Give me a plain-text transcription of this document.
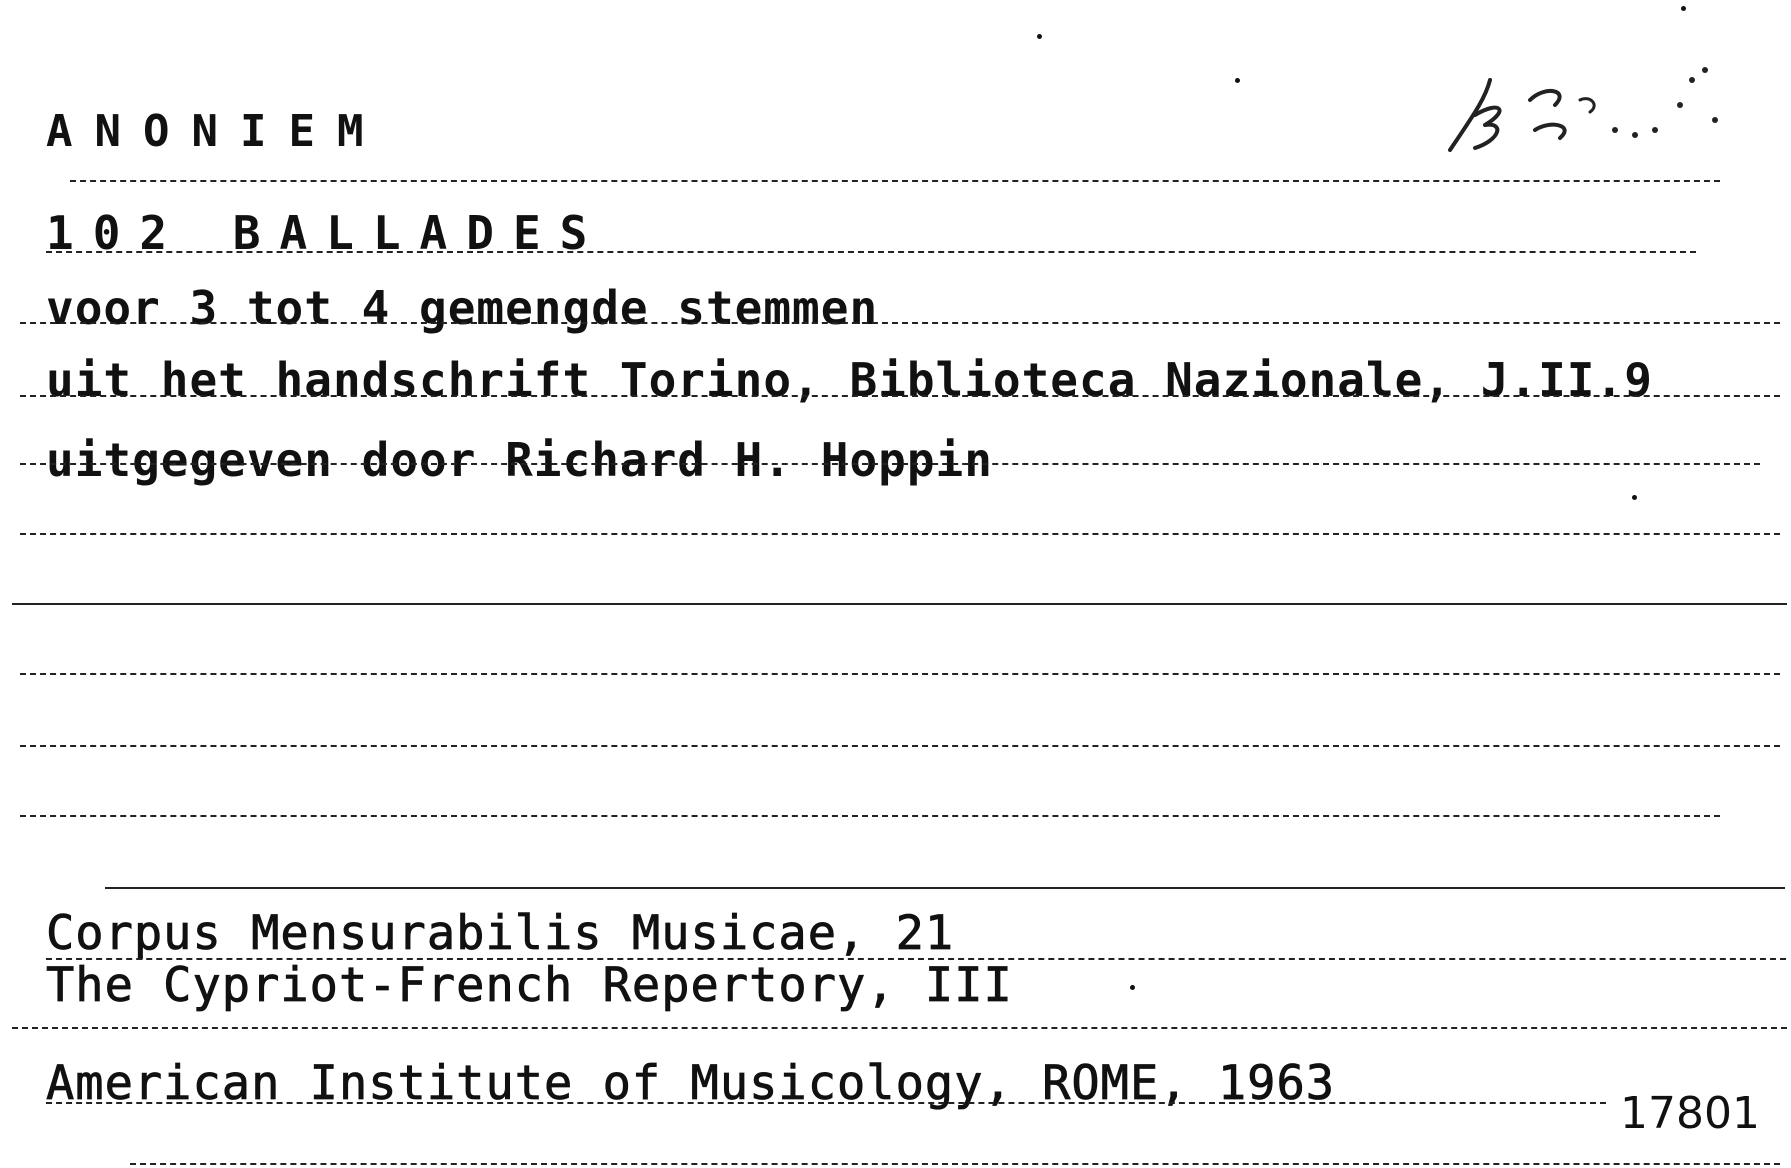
ANONIEM
102 BALLADES
voor 3 tot 4 gemengde stemmen
uit het handschrift Torino, Biblioteca Nazionale, J.II.9
uitgegeven door Richard H. Hoppin
Corpus Mensurabilis Musicae, 21
The Cypriot-French Repertory, III
American Institute of Musicology, ROME, 1963
17801
